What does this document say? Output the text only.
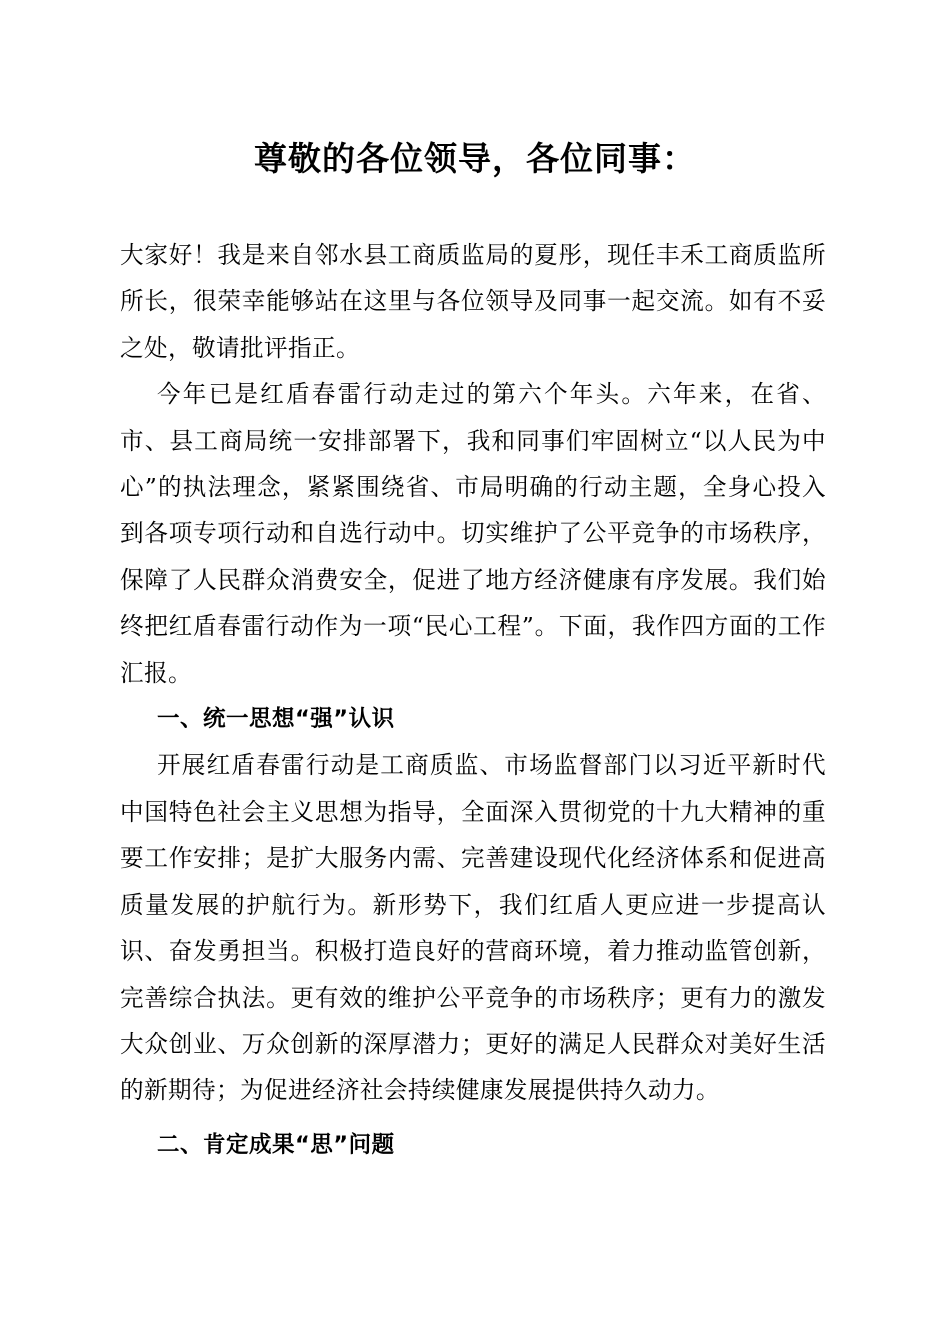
尊敬的各位领导，各位同事：

大家好！我是来自邻水县工商质监局的夏彤，现任丰禾工商质监所所长，很荣幸能够站在这里与各位领导及同事一起交流。如有不妥之处，敬请批评指正。

今年已是红盾春雷行动走过的第六个年头。六年来，在省、市、县工商局统一安排部署下，我和同事们牢固树立“以人民为中心”的执法理念，紧紧围绕省、市局明确的行动主题，全身心投入到各项专项行动和自选行动中。切实维护了公平竞争的市场秩序，保障了人民群众消费安全，促进了地方经济健康有序发展。我们始终把红盾春雷行动作为一项“民心工程”。下面，我作四方面的工作汇报。

一、统一思想“强”认识

开展红盾春雷行动是工商质监、市场监督部门以习近平新时代中国特色社会主义思想为指导，全面深入贯彻党的十九大精神的重要工作安排；是扩大服务内需、完善建设现代化经济体系和促进高质量发展的护航行为。新形势下，我们红盾人更应进一步提高认识、奋发勇担当。积极打造良好的营商环境，着力推动监管创新，完善综合执法。更有效的维护公平竞争的市场秩序；更有力的激发大众创业、万众创新的深厚潜力；更好的满足人民群众对美好生活的新期待；为促进经济社会持续健康发展提供持久动力。

二、肯定成果“思”问题
